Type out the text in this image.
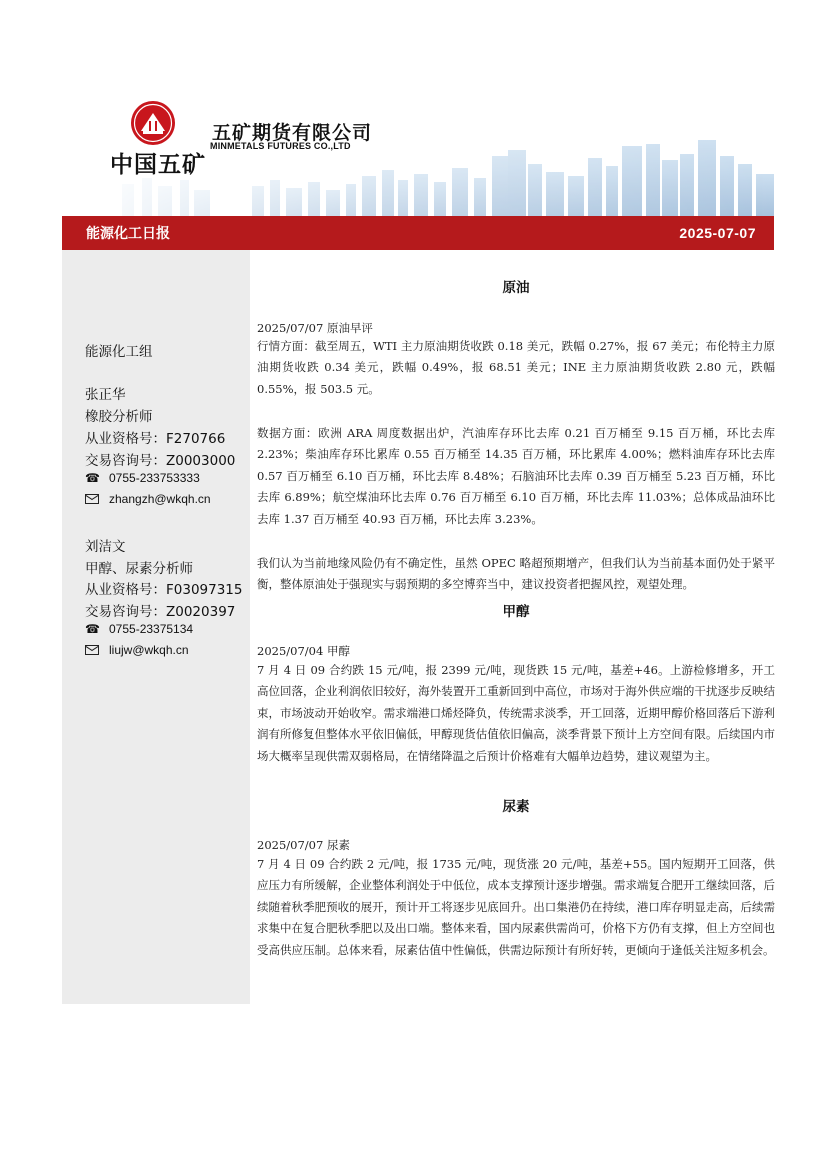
中国五矿
五矿期货有限公司
MINMETALS FUTURES CO.,LTD
能源化工日报	2025-07-07
能源化工组
张正华
橡胶分析师
从业资格号：F270766
交易咨询号：Z0003000
☎ 0755-233753333
zhangzh@wkqh.cn
刘洁文
甲醇、尿素分析师
从业资格号：F03097315
交易咨询号：Z0020397
☎ 0755-23375134
liujw@wkqh.cn
原油
2025/07/07 原油早评
行情方面：截至周五，WTI 主力原油期货收跌 0.18 美元，跌幅 0.27%，报 67 美元；布伦特主力原油期货收跌 0.34 美元，跌幅 0.49%，报 68.51 美元；INE 主力原油期货收跌 2.80 元，跌幅 0.55%，报 503.5 元。
数据方面：欧洲 ARA 周度数据出炉，汽油库存环比去库 0.21 百万桶至 9.15 百万桶，环比去库 2.23%；柴油库存环比累库 0.55 百万桶至 14.35 百万桶，环比累库 4.00%；燃料油库存环比去库 0.57 百万桶至 6.10 百万桶，环比去库 8.48%；石脑油环比去库 0.39 百万桶至 5.23 百万桶，环比去库 6.89%；航空煤油环比去库 0.76 百万桶至 6.10 百万桶，环比去库 11.03%；总体成品油环比去库 1.37 百万桶至 40.93 百万桶，环比去库 3.23%。
我们认为当前地缘风险仍有不确定性，虽然 OPEC 略超预期增产，但我们认为当前基本面仍处于紧平衡，整体原油处于强现实与弱预期的多空博弈当中，建议投资者把握风控，观望处理。
甲醇
2025/07/04 甲醇
7 月 4 日 09 合约跌 15 元/吨，报 2399 元/吨，现货跌 15 元/吨，基差+46。上游检修增多，开工高位回落，企业利润依旧较好，海外装置开工重新回到中高位，市场对于海外供应端的干扰逐步反映结束，市场波动开始收窄。需求端港口烯烃降负，传统需求淡季，开工回落，近期甲醇价格回落后下游利润有所修复但整体水平依旧偏低，甲醇现货估值依旧偏高，淡季背景下预计上方空间有限。后续国内市场大概率呈现供需双弱格局，在情绪降温之后预计价格难有大幅单边趋势，建议观望为主。
尿素
2025/07/07 尿素
7 月 4 日 09 合约跌 2 元/吨，报 1735 元/吨，现货涨 20 元/吨，基差+55。国内短期开工回落，供应压力有所缓解，企业整体利润处于中低位，成本支撑预计逐步增强。需求端复合肥开工继续回落，后续随着秋季肥预收的展开，预计开工将逐步见底回升。出口集港仍在持续，港口库存明显走高，后续需求集中在复合肥秋季肥以及出口端。整体来看，国内尿素供需尚可，价格下方仍有支撑，但上方空间也受高供应压制。总体来看，尿素估值中性偏低，供需边际预计有所好转，更倾向于逢低关注短多机会。
